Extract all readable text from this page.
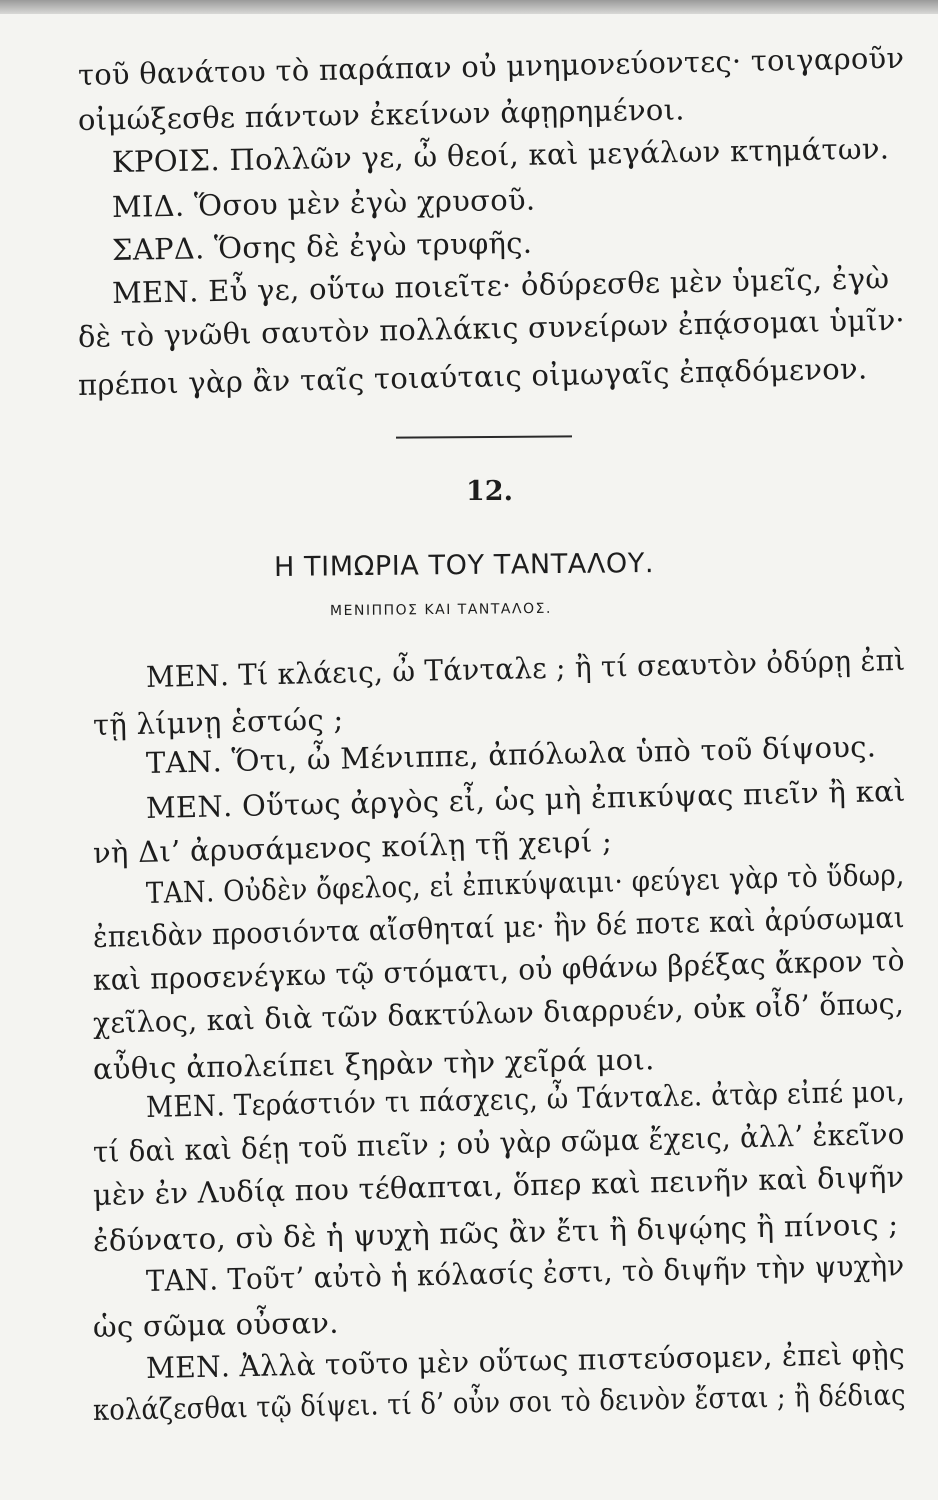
τοῦ θανάτου τὸ παράπαν οὐ μνημονεύοντες· τοιγαροῦν
οἰμώξεσθε πάντων ἐκείνων ἀφῃρημένοι.
ΚΡΟΙΣ. Πολλῶν γε, ὦ θεοί, καὶ μεγάλων κτημάτων.
ΜΙΔ. Ὅσου μὲν ἐγὼ χρυσοῦ.
ΣΑΡΔ. Ὅσης δὲ ἐγὼ τρυφῆς.
ΜΕΝ. Εὖ γε, οὕτω ποιεῖτε· ὀδύρεσθε μὲν ὑμεῖς, ἐγὼ
δὲ τὸ γνῶθι σαυτὸν πολλάκις συνείρων ἐπᾴσομαι ὑμῖν·
πρέποι γὰρ ἂν ταῖς τοιαύταις οἰμωγαῖς ἐπᾳδόμενον.
12.
Η ΤΙΜΩΡΙΑ ΤΟΥ ΤΑΝΤΑΛΟΥ.
ΜΕΝΙΠΠΟΣ ΚΑΙ ΤΑΝΤΑΛΟΣ.
ΜΕΝ. Τί κλάεις, ὦ Τάνταλε ; ἢ τί σεαυτὸν ὀδύρῃ ἐπὶ
τῇ λίμνῃ ἑστώς ;
ΤΑΝ. Ὅτι, ὦ Μένιππε, ἀπόλωλα ὑπὸ τοῦ δίψους.
ΜΕΝ. Οὕτως ἀργὸς εἶ, ὡς μὴ ἐπικύψας πιεῖν ἢ καὶ
νὴ Δι’ ἀρυσάμενος κοίλῃ τῇ χειρί ;
ΤΑΝ. Οὐδὲν ὄφελος, εἰ ἐπικύψαιμι· φεύγει γὰρ τὸ ὕδωρ,
ἐπειδὰν προσιόντα αἴσθηταί με· ἢν δέ ποτε καὶ ἀρύσωμαι
καὶ προσενέγκω τῷ στόματι, οὐ φθάνω βρέξας ἄκρον τὸ
χεῖλος, καὶ διὰ τῶν δακτύλων διαρρυέν, οὐκ οἶδ’ ὅπως,
αὖθις ἀπολείπει ξηρὰν τὴν χεῖρά μοι.
ΜΕΝ. Τεράστιόν τι πάσχεις, ὦ Τάνταλε. ἀτὰρ εἰπέ μοι,
τί δαὶ καὶ δέῃ τοῦ πιεῖν ; οὐ γὰρ σῶμα ἔχεις, ἀλλ’ ἐκεῖνο
μὲν ἐν Λυδίᾳ που τέθαπται, ὅπερ καὶ πεινῆν καὶ διψῆν
ἐδύνατο, σὺ δὲ ἡ ψυχὴ πῶς ἂν ἔτι ἢ διψῴης ἢ πίνοις ;
ΤΑΝ. Τοῦτ’ αὐτὸ ἡ κόλασίς ἐστι, τὸ διψῆν τὴν ψυχὴν
ὡς σῶμα οὖσαν.
ΜΕΝ. Ἀλλὰ τοῦτο μὲν οὕτως πιστεύσομεν, ἐπεὶ φῂς
κολάζεσθαι τῷ δίψει. τί δ’ οὖν σοι τὸ δεινὸν ἔσται ; ἢ δέδιας
